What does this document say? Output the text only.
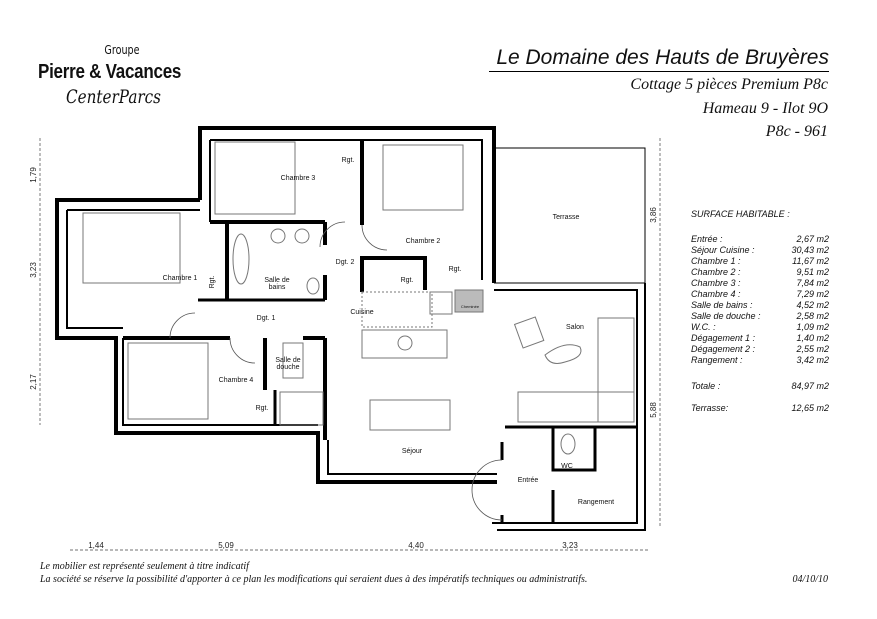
Groupe
Pierre & Vacances
CenterParcs
Le Domaine des Hauts de Bruyères
Cottage 5 pièces Premium P8c
Hameau 9 - Ilot 9O
P8c - 961
SURFACE HABITABLE :
Entrée :	2,67 m2
Séjour Cuisine :	30,43 m2
Chambre 1 :	11,67 m2
Chambre 2 :	9,51 m2
Chambre 3 :	7,84 m2
Chambre 4 :	7,29 m2
Salle de bains :	4,52 m2
Salle de douche :	2,58 m2
W.C. :	1,09 m2
Dégagement 1 :	1,40 m2
Dégagement 2 :	2,55 m2
Rangement :	3,42 m2
Totale :	84,97 m2
Terrasse:	12,65 m2
Chambre 3
Rgt.
Chambre 2
Rgt.
Rgt.
Terrasse
Chambre 1 Rgt.	Salle de
bains
Dgt. 2
Dgt. 1
Cuisine
Cheminée
Salon
Chambre 4
Salle de
douche
Rgt.
Séjour
WC
Entrée
Rangement
1,79
3,23
2,17
3,86
5,88
1,44	5,09	4,40	3,23
Le mobilier est représenté seulement à titre indicatif
La société se réserve la possibilité d'apporter à ce plan les modifications qui seraient dues à des impératifs techniques ou administratifs.	04/10/10
